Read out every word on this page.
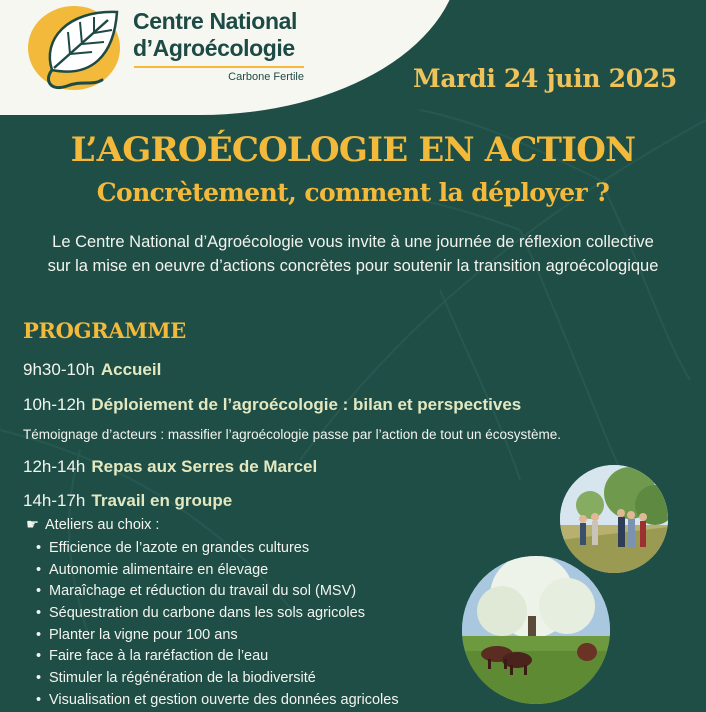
Centre National
d’Agroécologie
Carbone Fertile	Mardi 24 juin 2025
L’AGROÉCOLOGIE EN ACTION
Concrètement, comment la déployer ?
Le Centre National d’Agroécologie vous invite à une journée de réflexion collective sur la mise en oeuvre d’actions concrètes pour soutenir la transition agroécologique
PROGRAMME
9h30-10h Accueil
10h-12h Déploiement de l’agroécologie : bilan et perspectives
Témoignage d’acteurs : massifier l’agroécologie passe par l’action de tout un écosystème.
12h-14h Repas aux Serres de Marcel
14h-17h Travail en groupe
☛ Ateliers au choix :
• Efficience de l’azote en grandes cultures
• Autonomie alimentaire en élevage
• Maraîchage et réduction du travail du sol (MSV)
• Séquestration du carbone dans les sols agricoles
• Planter la vigne pour 100 ans
• Faire face à la raréfaction de l’eau
• Stimuler la régénération de la biodiversité
• Visualisation et gestion ouverte des données agricoles
